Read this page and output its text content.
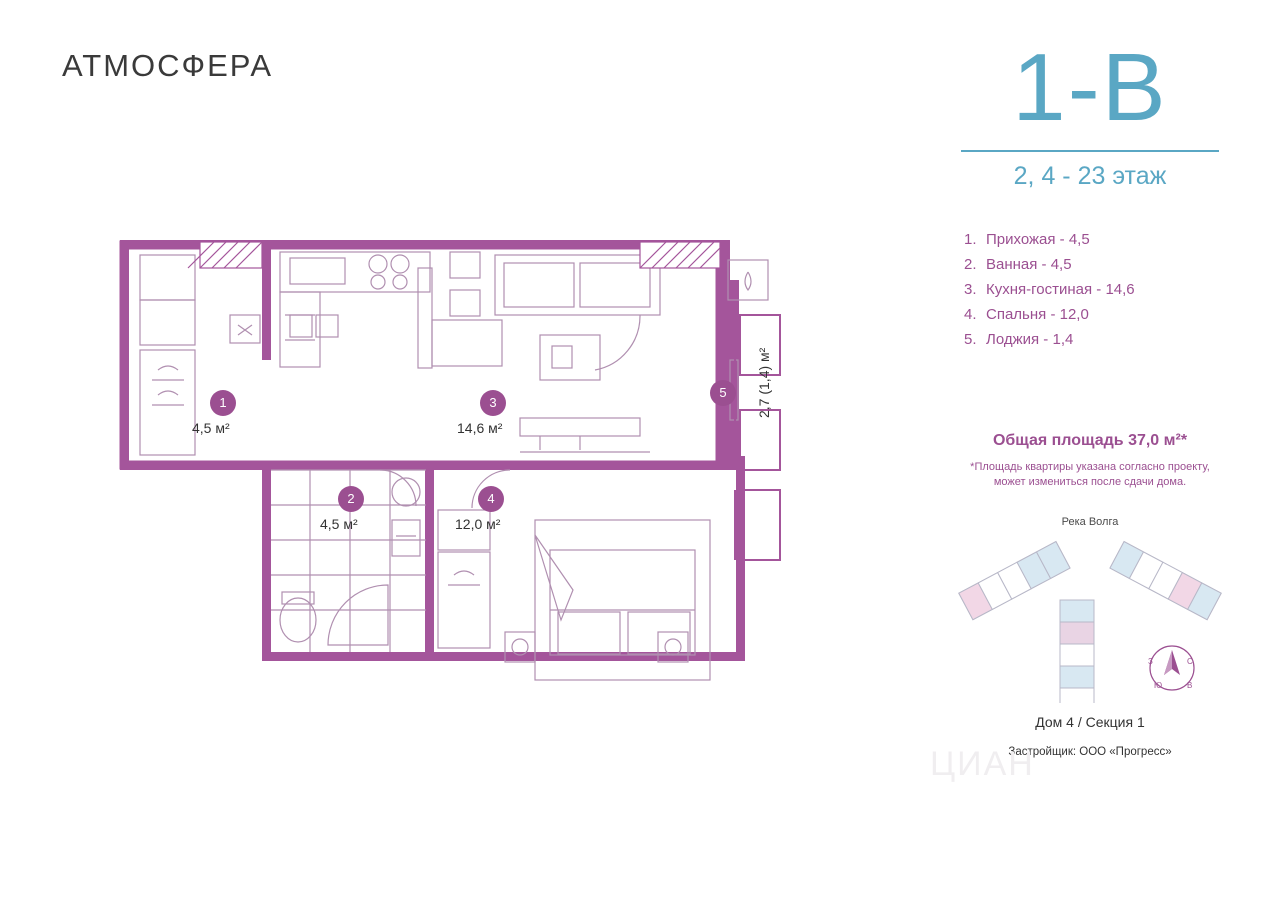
АТМОСФЕРА
1
4,5 м²
2
4,5 м²
3
14,6 м²
4
12,0 м²
5	2,7 (1,4) м²
1-В
2, 4 - 23 этаж
1. Прихожая - 4,5
2. Ванная - 4,5
3. Кухня-гостиная - 14,6
4. Спальня - 12,0
5. Лоджия - 1,4
Общая площадь 37,0 м²*
*Площадь квартиры указана согласно проекту,
может измениться после сдачи дома.
Река Волга
C
В
Ю
З
Дом 4 / Секция 1
Застройщик: ООО «Прогресс»
ЦИАН
